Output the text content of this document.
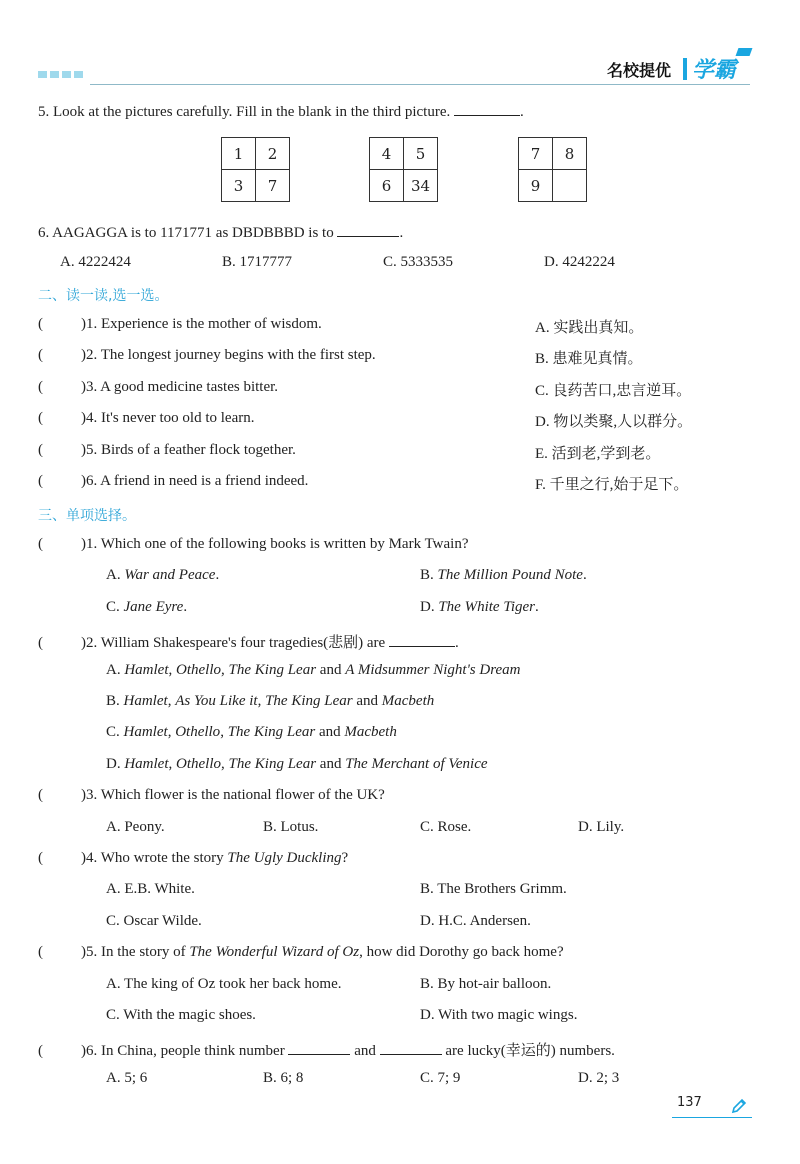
名校提优 学霸
5. Look at the pictures carefully. Fill in the blank in the third picture.	.
1	2
3	7
4	5
6	34
7	8
9	
6. AAGAGGA is to 1171771 as DBDBBBD is to	.
A. 4222424	B. 1717777	C. 5333535	D. 4242224
二、读一读,选一选。
(	)1. Experience is the mother of wisdom.	A. 实践出真知。
(	)2. The longest journey begins with the first step.	B. 患难见真情。
(	)3. A good medicine tastes bitter.	C. 良药苦口,忠言逆耳。
(	)4. It's never too old to learn.	D. 物以类聚,人以群分。
(	)5. Birds of a feather flock together.	E. 活到老,学到老。
(	)6. A friend in need is a friend indeed.	F. 千里之行,始于足下。
三、单项选择。
(	)1. Which one of the following books is written by Mark Twain?
A. War and Peace.	B. The Million Pound Note.
C. Jane Eyre.	D. The White Tiger.
(	)2. William Shakespeare's four tragedies(悲剧) are	.
A. Hamlet, Othello, The King Lear and A Midsummer Night's Dream
B. Hamlet, As You Like it, The King Lear and Macbeth
C. Hamlet, Othello, The King Lear and Macbeth
D. Hamlet, Othello, The King Lear and The Merchant of Venice
(	)3. Which flower is the national flower of the UK?
A. Peony.	B. Lotus.	C. Rose.	D. Lily.
(	)4. Who wrote the story The Ugly Duckling?
A. E.B. White.	B. The Brothers Grimm.
C. Oscar Wilde.	D. H.C. Andersen.
(	)5. In the story of The Wonderful Wizard of Oz, how did Dorothy go back home?
A. The king of Oz took her back home.	B. By hot-air balloon.
C. With the magic shoes.	D. With two magic wings.
(	)6. In China, people think number	and	are lucky(幸运的) numbers.
A. 5; 6	B. 6; 8	C. 7; 9	D. 2; 3
137
